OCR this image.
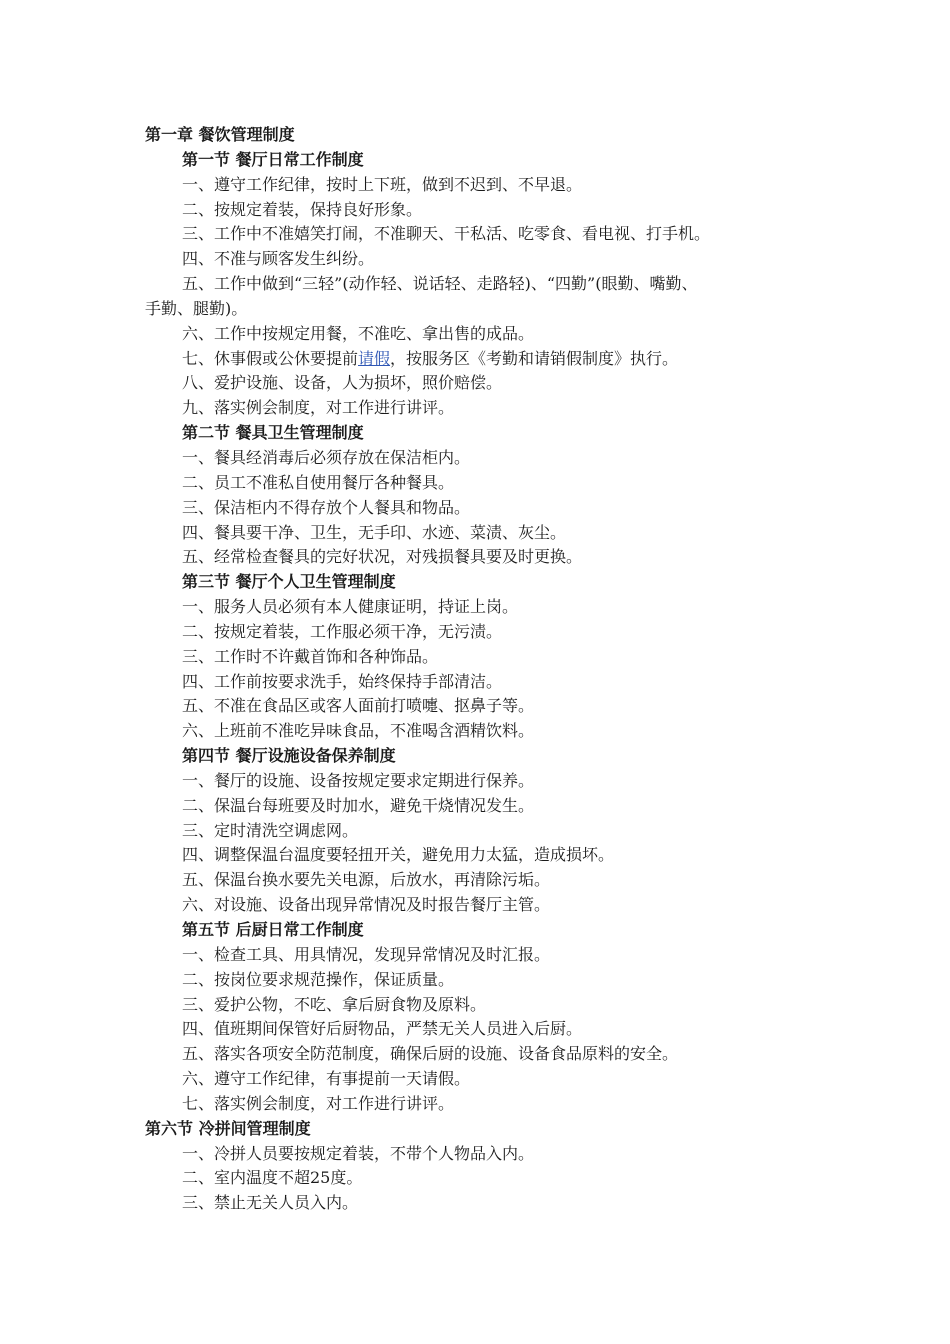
第一章 餐饮管理制度
第一节 餐厅日常工作制度
一、遵守工作纪律，按时上下班，做到不迟到、不早退。
二、按规定着装，保持良好形象。
三、工作中不准嬉笑打闹，不准聊天、干私活、吃零食、看电视、打手机。
四、不准与顾客发生纠纷。
五、工作中做到“三轻”(动作轻、说话轻、走路轻)、“四勤”(眼勤、嘴勤、
手勤、腿勤)。
六、工作中按规定用餐，不准吃、拿出售的成品。
七、休事假或公休要提前请假，按服务区《考勤和请销假制度》执行。
八、爱护设施、设备，人为损坏，照价赔偿。
九、落实例会制度，对工作进行讲评。
第二节 餐具卫生管理制度
一、餐具经消毒后必须存放在保洁柜内。
二、员工不准私自使用餐厅各种餐具。
三、保洁柜内不得存放个人餐具和物品。
四、餐具要干净、卫生，无手印、水迹、菜渍、灰尘。
五、经常检查餐具的完好状况，对残损餐具要及时更换。
第三节 餐厅个人卫生管理制度
一、服务人员必须有本人健康证明，持证上岗。
二、按规定着装，工作服必须干净，无污渍。
三、工作时不许戴首饰和各种饰品。
四、工作前按要求洗手，始终保持手部清洁。
五、不准在食品区或客人面前打喷嚏、抠鼻子等。
六、上班前不准吃异味食品，不准喝含酒精饮料。
第四节 餐厅设施设备保养制度
一、餐厅的设施、设备按规定要求定期进行保养。
二、保温台每班要及时加水，避免干烧情况发生。
三、定时清洗空调虑网。
四、调整保温台温度要轻扭开关，避免用力太猛，造成损坏。
五、保温台换水要先关电源，后放水，再清除污垢。
六、对设施、设备出现异常情况及时报告餐厅主管。
第五节 后厨日常工作制度
一、检查工具、用具情况，发现异常情况及时汇报。
二、按岗位要求规范操作，保证质量。
三、爱护公物，不吃、拿后厨食物及原料。
四、值班期间保管好后厨物品，严禁无关人员进入后厨。
五、落实各项安全防范制度，确保后厨的设施、设备食品原料的安全。
六、遵守工作纪律，有事提前一天请假。
七、落实例会制度，对工作进行讲评。
第六节 冷拼间管理制度
一、冷拼人员要按规定着装，不带个人物品入内。
二、室内温度不超25度。
三、禁止无关人员入内。
